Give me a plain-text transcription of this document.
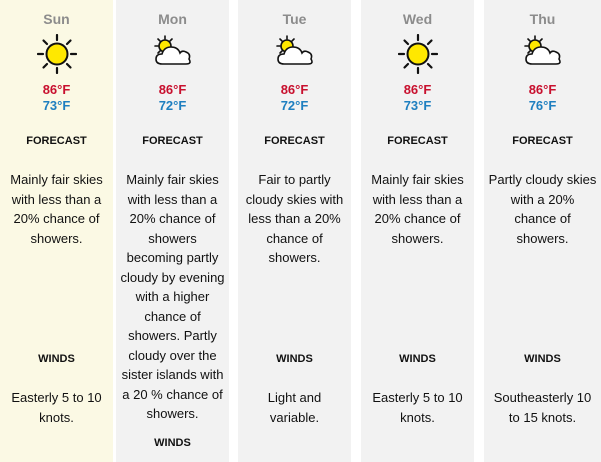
Sun
86°F
73°F
FORECAST
Mainly fair skies with less than a 20% chance of showers.
WINDS
Easterly 5 to 10 knots.
Mon
86°F
72°F
FORECAST
Mainly fair skies with less than a 20% chance of showers becoming partly cloudy by evening with a higher chance of showers. Partly cloudy over the sister islands with a 20 % chance of showers.
WINDS
Tue
86°F
72°F
FORECAST
Fair to partly cloudy skies with less than a 20% chance of showers.
WINDS
Light and variable.
Wed
86°F
73°F
FORECAST
Mainly fair skies with less than a 20% chance of showers.
WINDS
Easterly 5 to 10 knots.
Thu
86°F
76°F
FORECAST
Partly cloudy skies with a 20% chance of showers.
WINDS
Southeasterly 10 to 15 knots.
